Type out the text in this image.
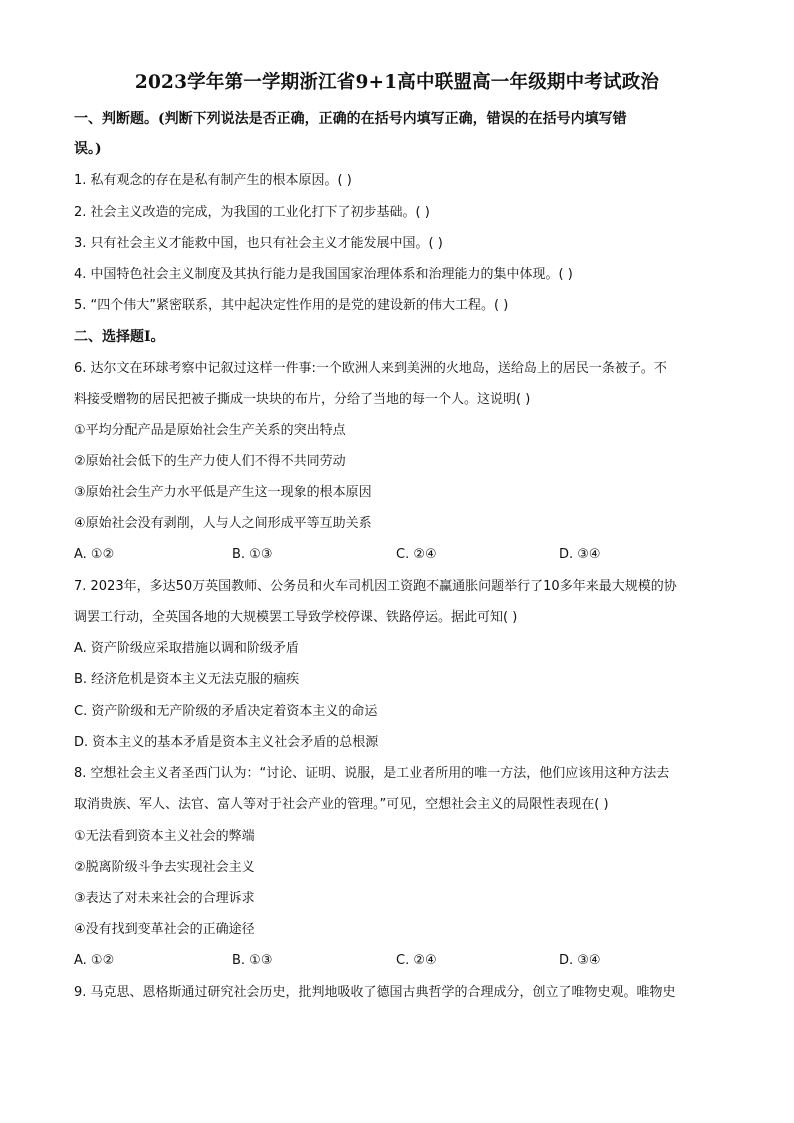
2023学年第一学期浙江省9+1高中联盟高一年级期中考试政治
一、判断题。(判断下列说法是否正确，正确的在括号内填写正确，错误的在括号内填写错
误。)
1. 私有观念的存在是私有制产生的根本原因。( )
2. 社会主义改造的完成，为我国的工业化打下了初步基础。( )
3. 只有社会主义才能救中国，也只有社会主义才能发展中国。( )
4. 中国特色社会主义制度及其执行能力是我国国家治理体系和治理能力的集中体现。( )
5. “四个伟大”紧密联系，其中起决定性作用的是党的建设新的伟大工程。( )
二、选择题Ⅰ。
6. 达尔文在环球考察中记叙过这样一件事:一个欧洲人来到美洲的火地岛，送给岛上的居民一条被子。不
料接受赠物的居民把被子撕成一块块的布片，分给了当地的每一个人。这说明( )
①平均分配产品是原始社会生产关系的突出特点
②原始社会低下的生产力使人们不得不共同劳动
③原始社会生产力水平低是产生这一现象的根本原因
④原始社会没有剥削，人与人之间形成平等互助关系
A. ①②	B. ①③	C. ②④	D. ③④
7. 2023年，多达50万英国教师、公务员和火车司机因工资跑不赢通胀问题举行了10多年来最大规模的协
调罢工行动，全英国各地的大规模罢工导致学校停课、铁路停运。据此可知( )
A. 资产阶级应采取措施以调和阶级矛盾
B. 经济危机是资本主义无法克服的痼疾
C. 资产阶级和无产阶级的矛盾决定着资本主义的命运
D. 资本主义的基本矛盾是资本主义社会矛盾的总根源
8. 空想社会主义者圣西门认为：“讨论、证明、说服，是工业者所用的唯一方法，他们应该用这种方法去
取消贵族、军人、法官、富人等对于社会产业的管理。”可见，空想社会主义的局限性表现在( )
①无法看到资本主义社会的弊端
②脱离阶级斗争去实现社会主义
③表达了对未来社会的合理诉求
④没有找到变革社会的正确途径
A. ①②	B. ①③	C. ②④	D. ③④
9. 马克思、恩格斯通过研究社会历史，批判地吸收了德国古典哲学的合理成分，创立了唯物史观。唯物史
